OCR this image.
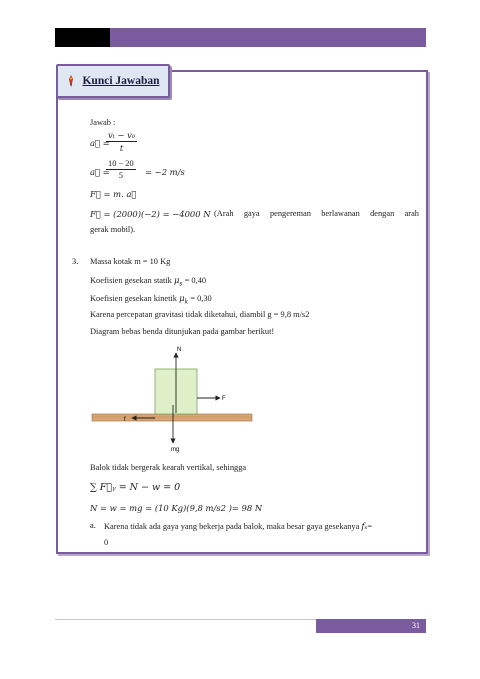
Kunci Jawaban
Jawab :
a⃗ =
$\frac{\text{vₜ − v₀}}{t}$
a⃗ =
$\frac{10 - 20}{5} = -2$ m/s
F⃗ = m. a⃗
F⃗ = (2000)(−2) = −4000 N (Arah gaya pengereman berlawanan dengan arah
gerak mobil).
3. Massa kotak m = 10 Kg
Koefisien gesekan statik $\mu_s = 0,40$
Koefisien gesekan kinetik $\mu_k = 0,30$
Karena percepatan gravitasi tidak diketahui, diambil g = 9,8 m/s2
Diagram bebas benda ditunjukan pada gambar berikut!
N
F
f
mg
Balok tidak bergerak kearah vertikal, sehingga
∑ F⃗ᵧ = N − w = 0
N = w = mg = (10 Kg)(9,8 m/s2 )= 98 N
a. Karena tidak ada gaya yang bekerja pada balok, maka besar gaya gesekanya fₛ=
0
31
